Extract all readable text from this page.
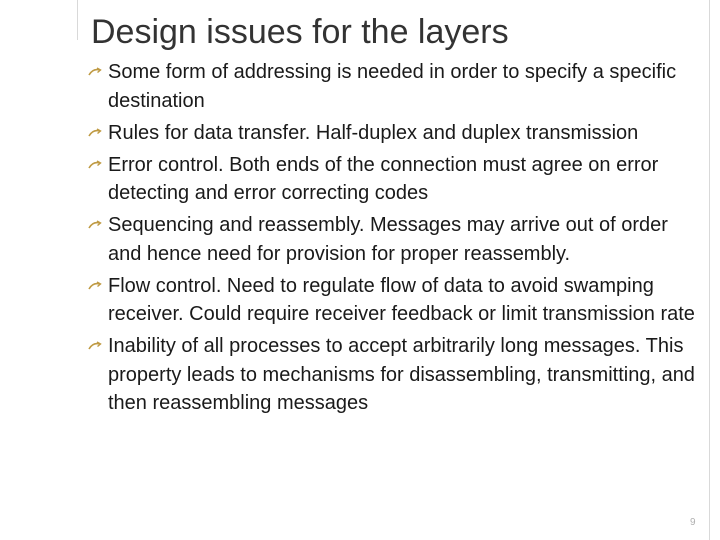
Design issues for the layers
Some form of addressing is needed in order to specify a specific destination
Rules for data transfer. Half-duplex and duplex transmission
Error control. Both ends of the connection must agree on error detecting and error correcting codes
Sequencing and reassembly. Messages may arrive out of order and hence need for provision for proper reassembly.
Flow control. Need to regulate flow of data to avoid swamping receiver. Could require receiver feedback or limit transmission rate
Inability of all processes to accept arbitrarily long messages. This property leads to mechanisms for disassembling, transmitting, and then reassembling messages
9
